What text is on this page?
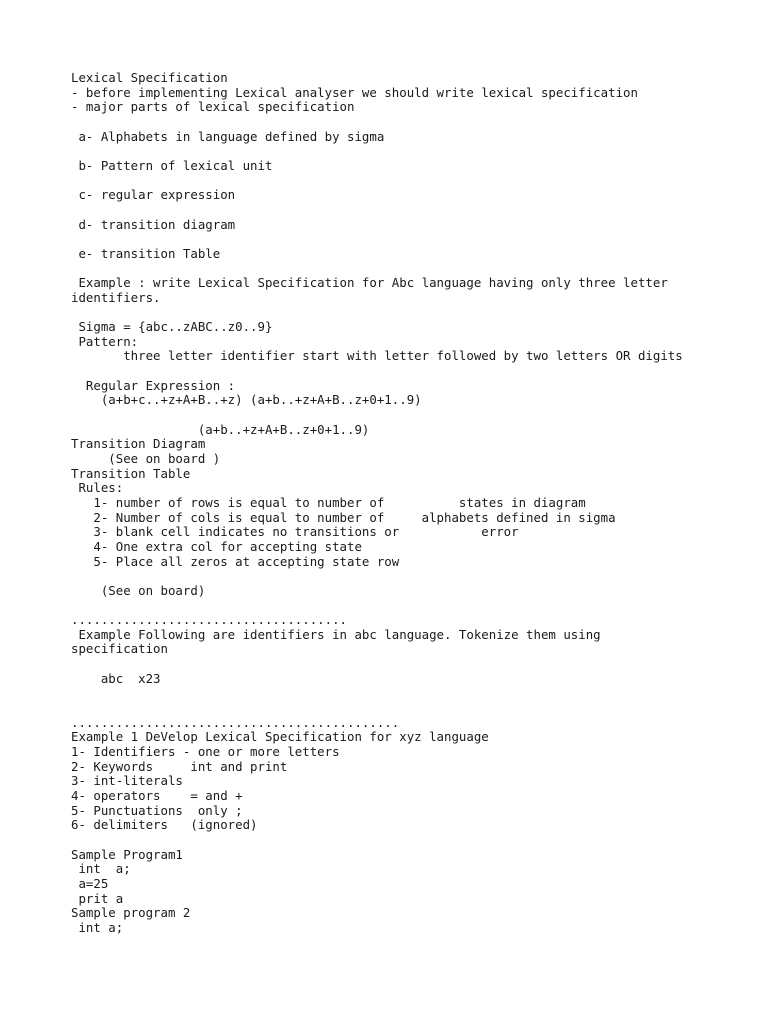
Lexical Specification
- before implementing Lexical analyser we should write lexical specification
- major parts of lexical specification
a- Alphabets in language defined by sigma
b- Pattern of lexical unit
c- regular expression
d- transition diagram
e- transition Table
Example : write Lexical Specification for Abc language having only three letter
identifiers.
Sigma = {abc..zABC..z0..9}
Pattern:
three letter identifier start with letter followed by two letters OR digits
Regular Expression :
(a+b+c..+z+A+B..+z) (a+b..+z+A+B..z+0+1..9)
(a+b..+z+A+B..z+0+1..9)
Transition Diagram
(See on board )
Transition Table
Rules:
1- number of rows is equal to number of          states in diagram
2- Number of cols is equal to number of     alphabets defined in sigma
3- blank cell indicates no transitions or           error
4- One extra col for accepting state
5- Place all zeros at accepting state row
(See on board)
.....................................
Example Following are identifiers in abc language. Tokenize them using
specification
abc  x23
............................................
Example 1 DeVelop Lexical Specification for xyz language
1- Identifiers - one or more letters
2- Keywords     int and print
3- int-literals
4- operators    = and +
5- Punctuations  only ;
6- delimiters   (ignored)
Sample Program1
int  a;
a=25
prit a
Sample program 2
int a;
